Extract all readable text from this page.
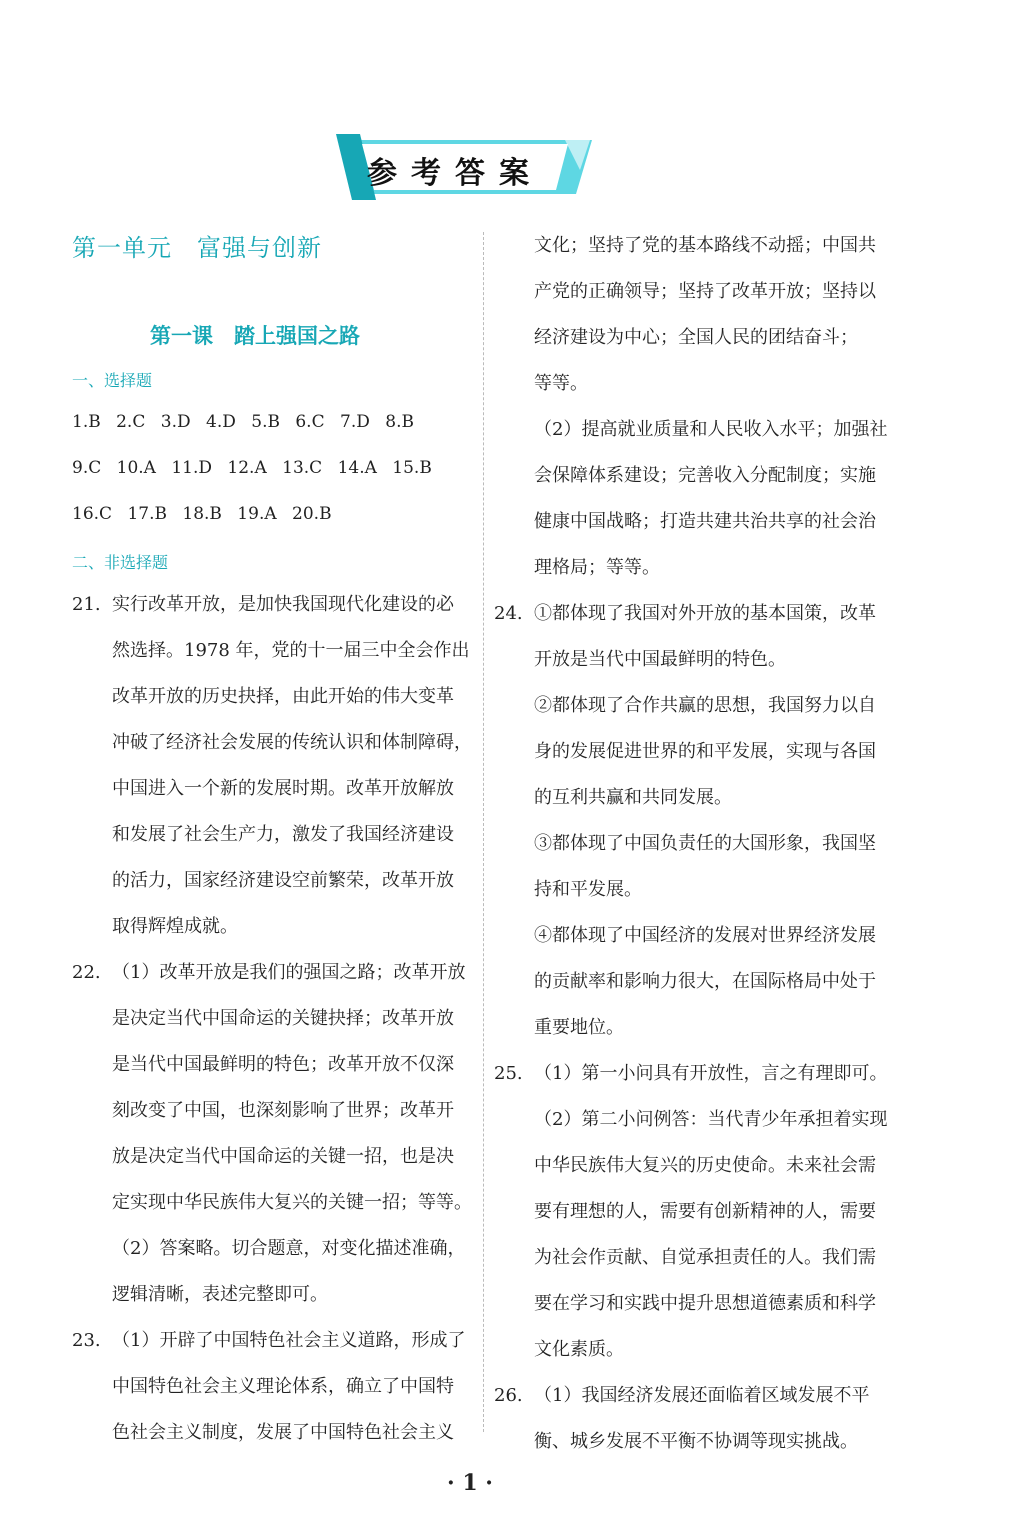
参考答案
第一单元　富强与创新
第一课　踏上强国之路
一、选择题
1.B 2.C 3.D 4.D 5.B 6.C 7.D 8.B
9.C 10.A 11.D 12.A 13.C 14.A 15.B
16.C 17.B 18.B 19.A 20.B
二、非选择题
21. 实行改革开放，是加快我国现代化建设的必
然选择。1978 年，党的十一届三中全会作出
改革开放的历史抉择，由此开始的伟大变革
冲破了经济社会发展的传统认识和体制障碍，
中国进入一个新的发展时期。改革开放解放
和发展了社会生产力，激发了我国经济建设
的活力，国家经济建设空前繁荣，改革开放
取得辉煌成就。
22. （1）改革开放是我们的强国之路；改革开放
是决定当代中国命运的关键抉择；改革开放
是当代中国最鲜明的特色；改革开放不仅深
刻改变了中国，也深刻影响了世界；改革开
放是决定当代中国命运的关键一招，也是决
定实现中华民族伟大复兴的关键一招；等等。
（2）答案略。切合题意，对变化描述准确，
逻辑清晰，表述完整即可。
23. （1）开辟了中国特色社会主义道路，形成了
中国特色社会主义理论体系，确立了中国特
色社会主义制度，发展了中国特色社会主义
文化；坚持了党的基本路线不动摇；中国共
产党的正确领导；坚持了改革开放；坚持以
经济建设为中心；全国人民的团结奋斗；
等等。
（2）提高就业质量和人民收入水平；加强社
会保障体系建设；完善收入分配制度；实施
健康中国战略；打造共建共治共享的社会治
理格局；等等。
24. ①都体现了我国对外开放的基本国策，改革
开放是当代中国最鲜明的特色。
②都体现了合作共赢的思想，我国努力以自
身的发展促进世界的和平发展，实现与各国
的互利共赢和共同发展。
③都体现了中国负责任的大国形象，我国坚
持和平发展。
④都体现了中国经济的发展对世界经济发展
的贡献率和影响力很大，在国际格局中处于
重要地位。
25. （1）第一小问具有开放性，言之有理即可。
（2）第二小问例答：当代青少年承担着实现
中华民族伟大复兴的历史使命。未来社会需
要有理想的人，需要有创新精神的人，需要
为社会作贡献、自觉承担责任的人。我们需
要在学习和实践中提升思想道德素质和科学
文化素质。
26. （1）我国经济发展还面临着区域发展不平
衡、城乡发展不平衡不协调等现实挑战。
· 1 ·
